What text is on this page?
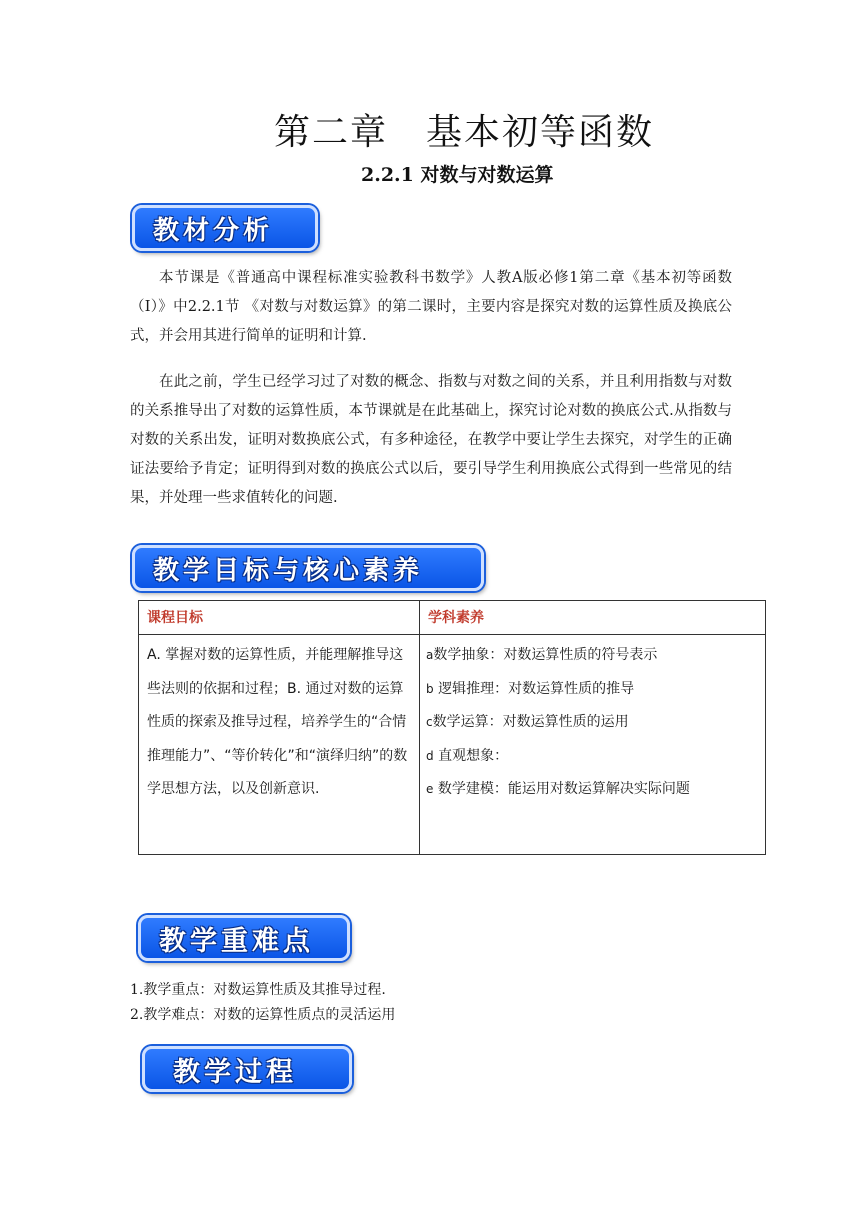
第二章　基本初等函数
2.2.1 对数与对数运算
教材分析
本节课是《普通高中课程标准实验教科书数学》人教A版必修1第二章《基本初等函数（I）》中2.2.1节 《对数与对数运算》的第二课时，主要内容是探究对数的运算性质及换底公式，并会用其进行简单的证明和计算.
在此之前，学生已经学习过了对数的概念、指数与对数之间的关系，并且利用指数与对数的关系推导出了对数的运算性质，本节课就是在此基础上，探究讨论对数的换底公式.从指数与对数的关系出发，证明对数换底公式，有多种途径，在教学中要让学生去探究，对学生的正确证法要给予肯定；证明得到对数的换底公式以后，要引导学生利用换底公式得到一些常见的结果，并处理一些求值转化的问题.
教学目标与核心素养
课程目标	学科素养
A. 掌握对数的运算性质，并能理解推导这些法则的依据和过程；B. 通过对数的运算性质的探索及推导过程，培养学生的“合情推理能力”、“等价转化”和“演绎归纳”的数学思想方法，以及创新意识.	a数学抽象：对数运算性质的符号表示
b 逻辑推理：对数运算性质的推导
c数学运算：对数运算性质的运用
d 直观想象：
e 数学建模：能运用对数运算解决实际问题
教学重难点
1.教学重点：对数运算性质及其推导过程.
2.教学难点：对数的运算性质点的灵活运用
教学过程
